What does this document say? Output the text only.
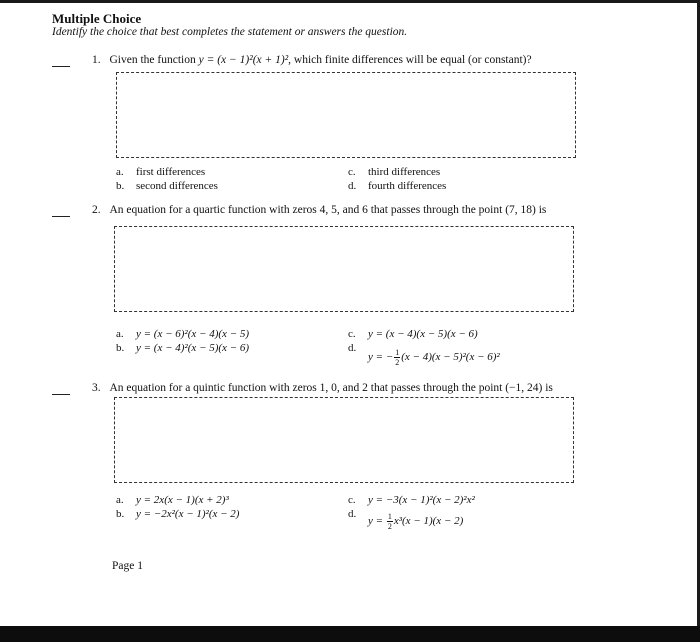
Multiple Choice
Identify the choice that best completes the statement or answers the question.
1. Given the function y = (x − 1)²(x + 1)², which finite differences will be equal (or constant)?
a. first differences
b. second differences
c. third differences
d. fourth differences
2. An equation for a quartic function with zeros 4, 5, and 6 that passes through the point (7, 18) is
a. y = (x − 6)²(x − 4)(x − 5)
b. y = (x − 4)²(x − 5)(x − 6)
c. y = (x − 4)(x − 5)(x − 6)
d.y = − $\frac{1}{2} (x - 4)(x - 5)^2(x - 6)^2$
3. An equation for a quintic function with zeros 1, 0, and 2 that passes through the point (−1, 24) is
a. y = 2x(x − 1)(x + 2)³
b. y = −2x²(x − 1)²(x − 2)
c. y = −3(x − 1)²(x − 2)²x²
$d.y = \frac{1}{2} x^3(x - 1)(x - 2)$
Page 1
